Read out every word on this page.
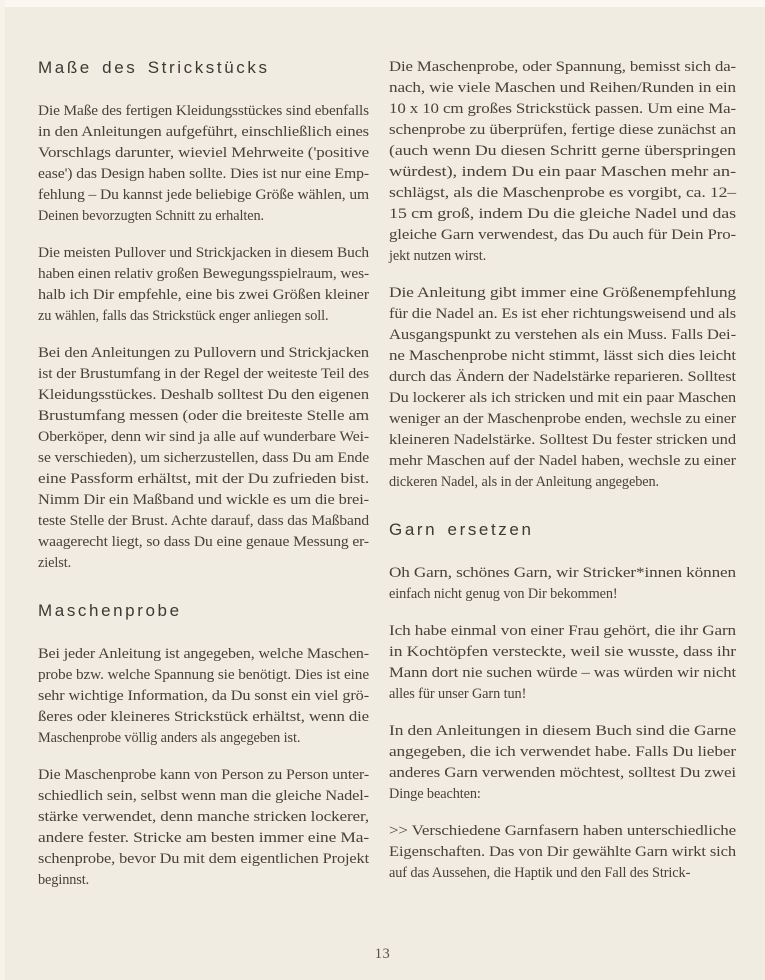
Maße des Strickstücks
Die Maße des fertigen Kleidungsstückes sind ebenfalls
in den Anleitungen aufgeführt, einschließlich eines
Vorschlags darunter, wieviel Mehrweite ('positive
ease') das Design haben sollte. Dies ist nur eine Emp-
fehlung – Du kannst jede beliebige Größe wählen, um
Deinen bevorzugten Schnitt zu erhalten.
Die meisten Pullover und Strickjacken in diesem Buch
haben einen relativ großen Bewegungsspielraum, wes-
halb ich Dir empfehle, eine bis zwei Größen kleiner
zu wählen, falls das Strickstück enger anliegen soll.
Bei den Anleitungen zu Pullovern und Strickjacken
ist der Brustumfang in der Regel der weiteste Teil des
Kleidungsstückes. Deshalb solltest Du den eigenen
Brustumfang messen (oder die breiteste Stelle am
Oberköper, denn wir sind ja alle auf wunderbare Wei-
se verschieden), um sicherzustellen, dass Du am Ende
eine Passform erhältst, mit der Du zufrieden bist.
Nimm Dir ein Maßband und wickle es um die brei-
teste Stelle der Brust. Achte darauf, dass das Maßband
waagerecht liegt, so dass Du eine genaue Messung er-
zielst.
Maschenprobe
Bei jeder Anleitung ist angegeben, welche Maschen-
probe bzw. welche Spannung sie benötigt. Dies ist eine
sehr wichtige Information, da Du sonst ein viel grö-
ßeres oder kleineres Strickstück erhältst, wenn die
Maschenprobe völlig anders als angegeben ist.
Die Maschenprobe kann von Person zu Person unter-
schiedlich sein, selbst wenn man die gleiche Nadel-
stärke verwendet, denn manche stricken lockerer,
andere fester. Stricke am besten immer eine Ma-
schenprobe, bevor Du mit dem eigentlichen Projekt
beginnst.
Die Maschenprobe, oder Spannung, bemisst sich da-
nach, wie viele Maschen und Reihen/Runden in ein
10 x 10 cm großes Strickstück passen. Um eine Ma-
schenprobe zu überprüfen, fertige diese zunächst an
(auch wenn Du diesen Schritt gerne überspringen
würdest), indem Du ein paar Maschen mehr an-
schlägst, als die Maschenprobe es vorgibt, ca. 12–
15 cm groß, indem Du die gleiche Nadel und das
gleiche Garn verwendest, das Du auch für Dein Pro-
jekt nutzen wirst.
Die Anleitung gibt immer eine Größenempfehlung
für die Nadel an. Es ist eher richtungsweisend und als
Ausgangspunkt zu verstehen als ein Muss. Falls Dei-
ne Maschenprobe nicht stimmt, lässt sich dies leicht
durch das Ändern der Nadelstärke reparieren. Solltest
Du lockerer als ich stricken und mit ein paar Maschen
weniger an der Maschenprobe enden, wechsle zu einer
kleineren Nadelstärke. Solltest Du fester stricken und
mehr Maschen auf der Nadel haben, wechsle zu einer
dickeren Nadel, als in der Anleitung angegeben.
Garn ersetzen
Oh Garn, schönes Garn, wir Stricker*innen können
einfach nicht genug von Dir bekommen!
Ich habe einmal von einer Frau gehört, die ihr Garn
in Kochtöpfen versteckte, weil sie wusste, dass ihr
Mann dort nie suchen würde – was würden wir nicht
alles für unser Garn tun!
In den Anleitungen in diesem Buch sind die Garne
angegeben, die ich verwendet habe. Falls Du lieber
anderes Garn verwenden möchtest, solltest Du zwei
Dinge beachten:
>> Verschiedene Garnfasern haben unterschiedliche
Eigenschaften. Das von Dir gewählte Garn wirkt sich
auf das Aussehen, die Haptik und den Fall des Strick-
13
